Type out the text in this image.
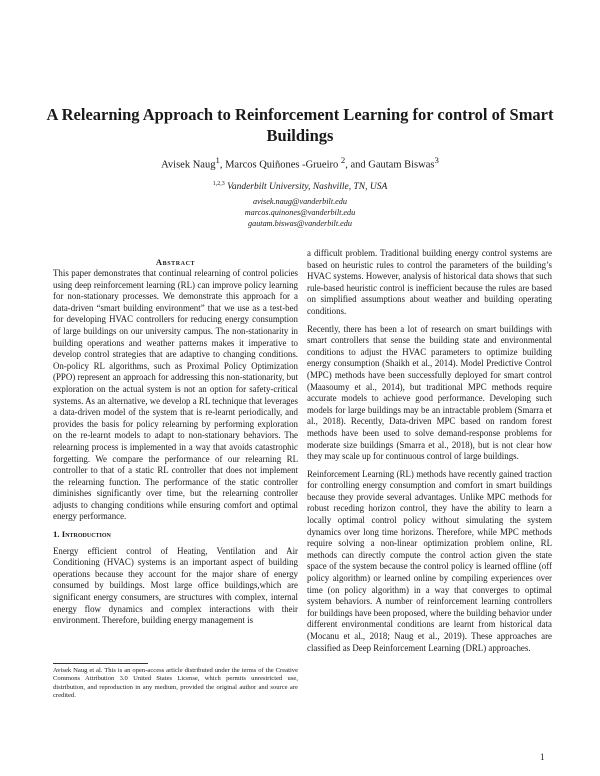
A Relearning Approach to Reinforcement Learning for control of Smart Buildings
Avisek Naug$^1$, Marcos Quiñones -Grueiro $^2$, and Gautam Biswas$^3$
$^{1,2,3}$ Vanderbilt University, Nashville, TN, USA
avisek.naug@vanderbilt.edu
marcos.quinones@vanderbilt.edu
gautam.biswas@vanderbilt.edu
Abstract

This paper demonstrates that continual relearning of control policies using deep reinforcement learning (RL) can improve policy learning for non-stationary processes. We demonstrate this approach for a data-driven “smart building environment” that we use as a test-bed for developing HVAC controllers for reducing energy consumption of large buildings on our university campus. The non-stationarity in building operations and weather patterns makes it imperative to develop control strategies that are adaptive to changing conditions. On-policy RL algorithms, such as Proximal Policy Optimization (PPO) represent an approach for addressing this non-stationarity, but exploration on the actual system is not an option for safety-critical systems. As an alternative, we develop a RL technique that leverages a data-driven model of the system that is re-learnt periodically, and provides the basis for policy relearning by performing exploration on the re-learnt models to adapt to non-stationary behaviors. The relearning process is implemented in a way that avoids catastrophic forgetting. We compare the performance of our relearning RL controller to that of a static RL controller that does not implement the relearning function. The performance of the static controller diminishes significantly over time, but the relearning controller adjusts to changing conditions while ensuring comfort and optimal energy performance.

1. Introduction

Energy efficient control of Heating, Ventilation and Air Conditioning (HVAC) systems is an important aspect of building operations because they account for the major share of energy consumed by buildings. Most large office buildings,which are significant energy consumers, are structures with complex, internal energy flow dynamics and complex interactions with their environment. Therefore, building energy management is

Avisek Naug et al. This is an open-access article distributed under the terms of the Creative Commons Attribution 3.0 United States License, which permits unrestricted use, distribution, and reproduction in any medium, provided the original author and source are credited.

a difficult problem. Traditional building energy control systems are based on heuristic rules to control the parameters of the building’s HVAC systems. However, analysis of historical data shows that such rule-based heuristic control is inefficient because the rules are based on simplified assumptions about weather and building operating conditions.

Recently, there has been a lot of research on smart buildings with smart controllers that sense the building state and environmental conditions to adjust the HVAC parameters to optimize building energy consumption (Shaikh et al., 2014). Model Predictive Control (MPC) methods have been successfully deployed for smart control (Maasoumy et al., 2014), but traditional MPC methods require accurate models to achieve good performance. Developing such models for large buildings may be an intractable problem (Smarra et al., 2018). Recently, Data-driven MPC based on random forest methods have been used to solve demand-response problems for moderate size buildings (Smarra et al., 2018), but is not clear how they may scale up for continuous control of large buildings.

Reinforcement Learning (RL) methods have recently gained traction for controlling energy consumption and comfort in smart buildings because they provide several advantages. Unlike MPC methods for robust receding horizon control, they have the ability to learn a locally optimal control policy without simulating the system dynamics over long time horizons. Therefore, while MPC methods require solving a non-linear optimization problem online, RL methods can directly compute the control action given the state space of the system because the control policy is learned offline (off policy algorithm) or learned online by compiling experiences over time (on policy algorithm) in a way that converges to optimal system behaviors. A number of reinforcement learning controllers for buildings have been proposed, where the building behavior under different environmental conditions are learnt from historical data (Mocanu et al., 2018; Naug et al., 2019). These approaches are classified as Deep Reinforcement Learning (DRL) approaches.

1
